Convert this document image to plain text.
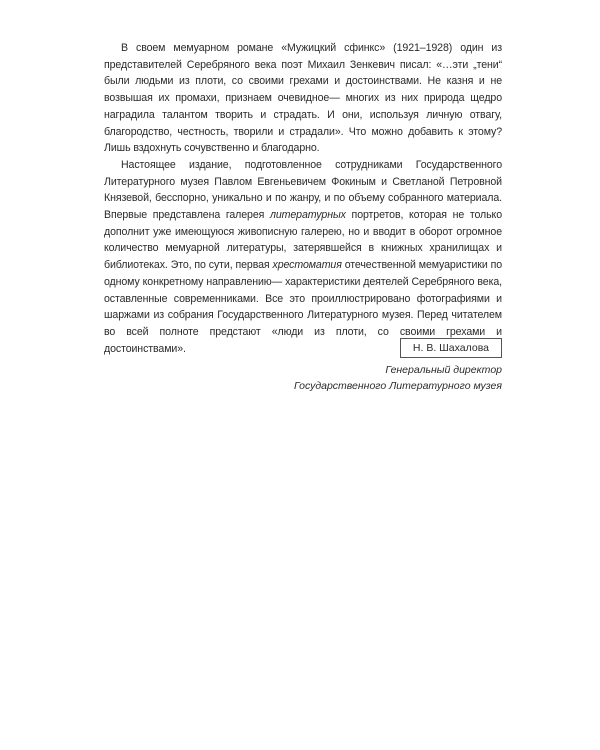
В своем мемуарном романе «Мужицкий сфинкс» (1921–1928) один из представителей Серебряного века поэт Михаил Зенкевич писал: «…эти „тени“ были людьми из плоти, со своими грехами и достоинствами. Не казня и не возвышая их промахи, признаем очевидное— многих из них природа щедро наградила талантом творить и страдать. И они, используя личную отвагу, благородство, честность, творили и страдали». Что можно добавить к этому? Лишь вздохнуть сочувственно и благодарно.

Настоящее издание, подготовленное сотрудниками Государственного Литературного музея Павлом Евгеньевичем Фокиным и Светланой Петровной Князевой, бесспорно, уникально и по жанру, и по объему собранного материала. Впервые представлена галерея литературных портретов, которая не только дополнит уже имеющуюся живописную галерею, но и вводит в оборот огромное количество мемуарной литературы, затерявшейся в книжных хранилищах и библиотеках. Это, по сути, первая хрестоматия отечественной мемуаристики по одному конкретному направлению— характеристики деятелей Серебряного века, оставленные современниками. Все это проиллюстрировано фотографиями и шаржами из собрания Государственного Литературного музея. Перед читателем во всей полноте предстают «люди из плоти, со своими грехами и достоинствами».	Н. В. Шахалова
Генеральный директор
Государственного Литературного музея
